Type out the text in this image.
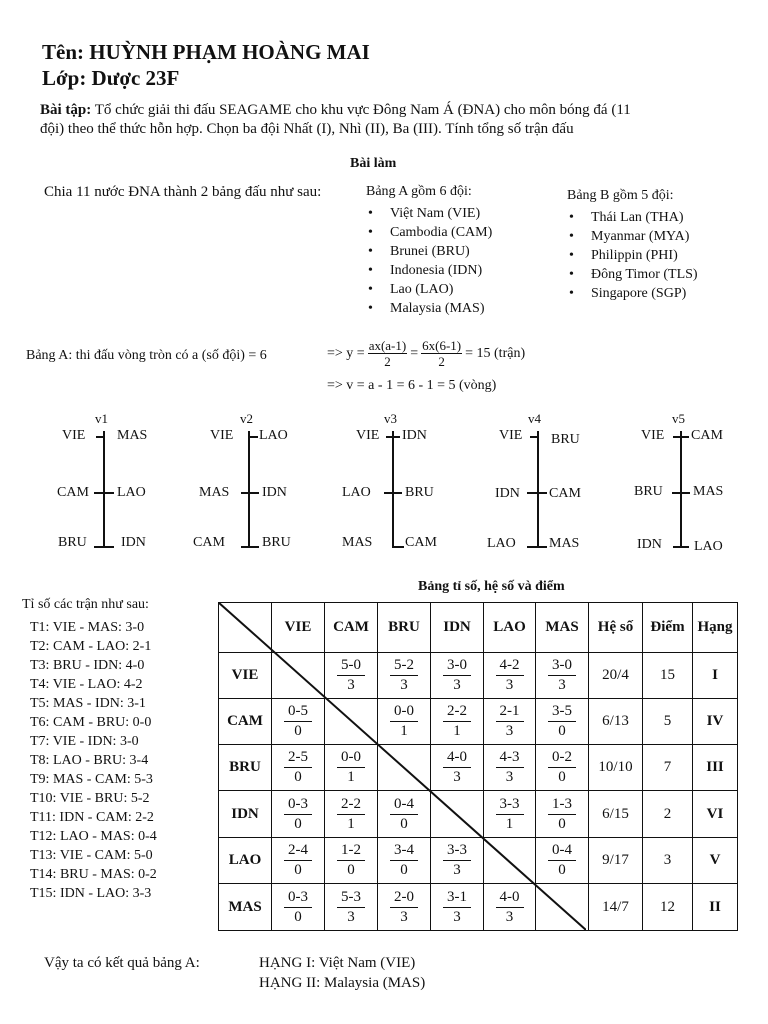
Tên: HUỲNH PHẠM HOÀNG MAI
Lớp: Dược 23F
Bài tập: Tổ chức giải thi đấu SEAGAME cho khu vực Đông Nam Á (ĐNA) cho môn bóng đá (11
đội) theo thể thức hỗn hợp. Chọn ba đội Nhất (I), Nhì (II), Ba (III). Tính tổng số trận đấu
Bài làm
Chia 11 nước ĐNA thành 2 bảng đấu như sau:	Bảng A gồm 6 đội:
• Việt Nam (VIE)
• Cambodia (CAM)
• Brunei (BRU)
• Indonesia (IDN)
• Lao (LAO)
• Malaysia (MAS)
Bảng B gồm 5 đội:
• Thái Lan (THA)
• Myanmar (MYA)
• Philippin (PHI)
• Đông Timor (TLS)
• Singapore (SGP)
Bảng A: thi đấu vòng tròn có a (số đội) = 6	=> $y = \frac{ax(a-1)}{2} = \frac{6x(6-1)}{2} = 15$ (trận)
=> v = a - 1 = 6 - 1 = 5 (vòng)
v1
VIE MAS
CAM LAO
BRU IDN
v2
VIE LAO
MAS IDN
CAM	BRU
v3
VIE IDN
LAO BRU
MAS CAM
v4
VIE BRU
IDN CAM
LAO MAS
v5
VIE CAM
BRU MAS
IDN LAO
Tỉ số các trận như sau:
T1: VIE - MAS: 3-0
T2: CAM - LAO: 2-1
T3: BRU - IDN: 4-0
T4: VIE - LAO: 4-2
T5: MAS - IDN: 3-1
T6: CAM - BRU: 0-0
T7: VIE - IDN: 3-0
T8: LAO - BRU: 3-4
T9: MAS - CAM: 5-3
T10: VIE - BRU: 5-2
T11: IDN - CAM: 2-2
T12: LAO - MAS: 0-4
T13: VIE - CAM: 5-0
T14: BRU - MAS: 0-2
T15: IDN - LAO: 3-3
Bảng tỉ số, hệ số và điểm
	VIE	CAM	BRU	IDN	LAO	MAS	Hệ số	Điểm	Hạng
VIE		$\frac{5-0}{3}$	$\frac{5-2}{3}$	$\frac{3-0}{3}$	$\frac{4-2}{3}$	$\frac{3-0}{3}$	20/4	15	I
CAM	$\frac{0-5}{0}$		$\frac{0-0}{1}$	$\frac{2-2}{1}$	$\frac{2-1}{3}$	$\frac{3-5}{0}$	6/13	5	IV
BRU	$\frac{2-5}{0}$	$\frac{0-0}{1}$		$\frac{4-0}{3}$	$\frac{4-3}{3}$	$\frac{0-2}{0}$	10/10	7	III
IDN	$\frac{0-3}{0}$	$\frac{2-2}{1}$	$\frac{0-4}{0}$		$\frac{3-3}{1}$	$\frac{1-3}{0}$	6/15	2	VI
LAO	$\frac{2-4}{0}$	$\frac{1-2}{0}$	$\frac{3-4}{0}$	$\frac{3-3}{3}$		$\frac{0-4}{0}$	9/17	3	V
MAS	$\frac{0-3}{0}$	$\frac{5-3}{3}$	$\frac{2-0}{3}$	$\frac{3-1}{3}$	$\frac{4-0}{3}$		14/7	12	II
Vậy ta có kết quả bảng A:	HẠNG I: Việt Nam (VIE)
HẠNG II: Malaysia (MAS)
